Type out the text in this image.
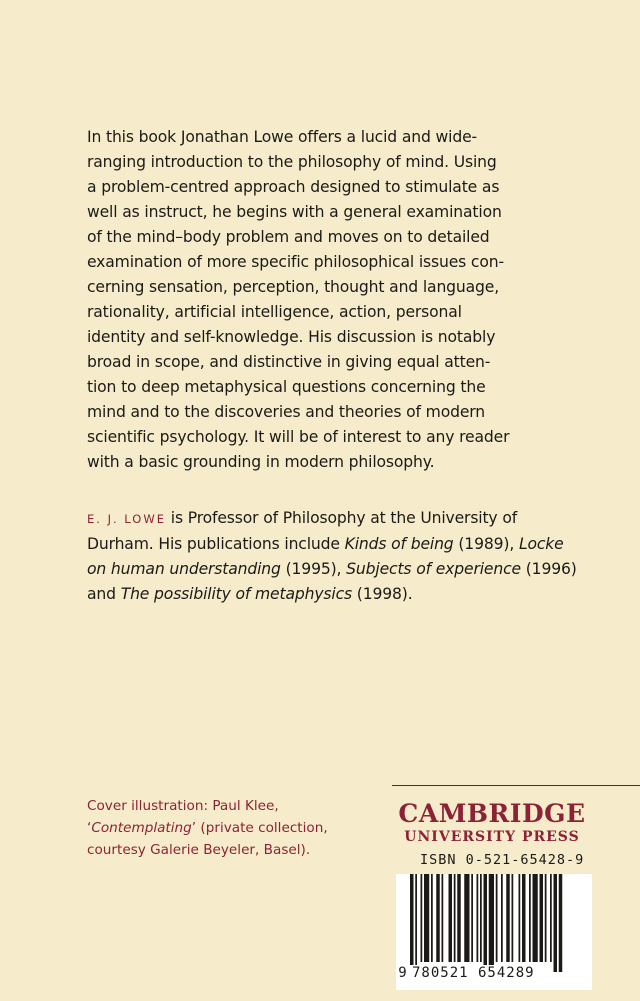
In this book Jonathan Lowe offers a lucid and wide-
ranging introduction to the philosophy of mind. Using
a problem-centred approach designed to stimulate as
well as instruct, he begins with a general examination
of the mind–body problem and moves on to detailed
examination of more specific philosophical issues con-
cerning sensation, perception, thought and language,
rationality, artificial intelligence, action, personal
identity and self-knowledge. His discussion is notably
broad in scope, and distinctive in giving equal atten-
tion to deep metaphysical questions concerning the
mind and to the discoveries and theories of modern
scientific psychology. It will be of interest to any reader
with a basic grounding in modern philosophy.

E. J. LOWE is Professor of Philosophy at the University of Durham. His publications include Kinds of being (1989), Locke on human understanding (1995), Subjects of experience (1996) and The possibility of metaphysics (1998).

Cover illustration: Paul Klee,
‘Contemplating’ (private collection,
courtesy Galerie Beyeler, Basel).

CAMBRIDGE
UNIVERSITY PRESS
ISBN 0-521-65428-9
9 780521 654289
